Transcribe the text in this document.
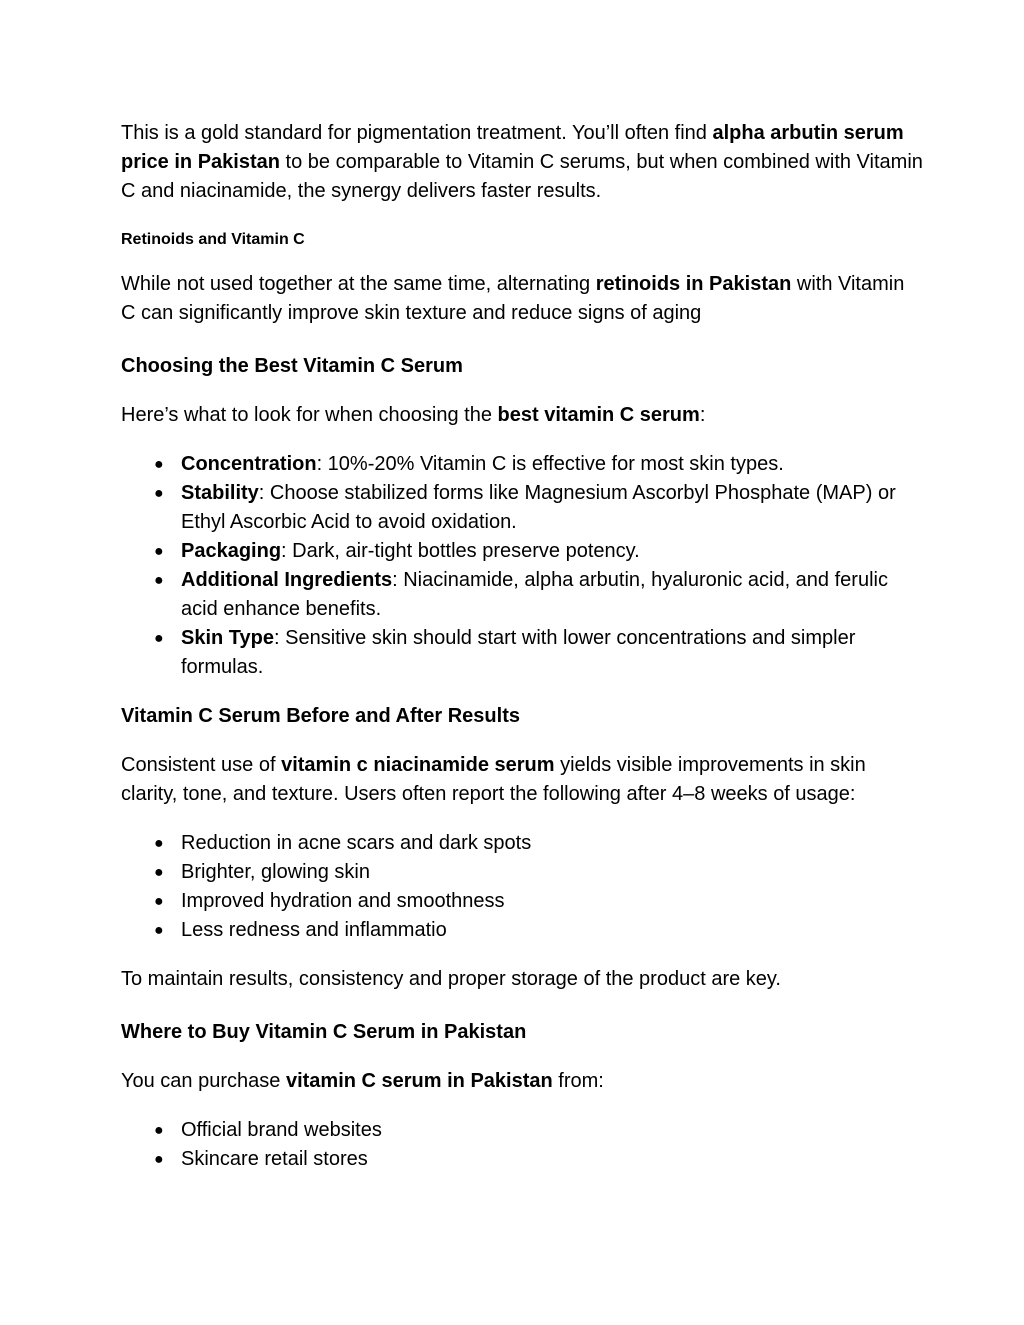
This is a gold standard for pigmentation treatment. You’ll often find alpha arbutin serum price in Pakistan to be comparable to Vitamin C serums, but when combined with Vitamin C and niacinamide, the synergy delivers faster results.

Retinoids and Vitamin C

While not used together at the same time, alternating retinoids in Pakistan with Vitamin C can significantly improve skin texture and reduce signs of aging

Choosing the Best Vitamin C Serum

Here’s what to look for when choosing the best vitamin C serum:

● Concentration: 10%-20% Vitamin C is effective for most skin types.
● Stability: Choose stabilized forms like Magnesium Ascorbyl Phosphate (MAP) or Ethyl Ascorbic Acid to avoid oxidation.
● Packaging: Dark, air-tight bottles preserve potency.
● Additional Ingredients: Niacinamide, alpha arbutin, hyaluronic acid, and ferulic acid enhance benefits.
● Skin Type: Sensitive skin should start with lower concentrations and simpler formulas.
Vitamin C Serum Before and After Results

Consistent use of vitamin c niacinamide serum yields visible improvements in skin clarity, tone, and texture. Users often report the following after 4–8 weeks of usage:

● Reduction in acne scars and dark spots
● Brighter, glowing skin
● Improved hydration and smoothness
● Less redness and inflammatio

To maintain results, consistency and proper storage of the product are key.

Where to Buy Vitamin C Serum in Pakistan

You can purchase vitamin C serum in Pakistan from:

● Official brand websites
● Skincare retail stores
